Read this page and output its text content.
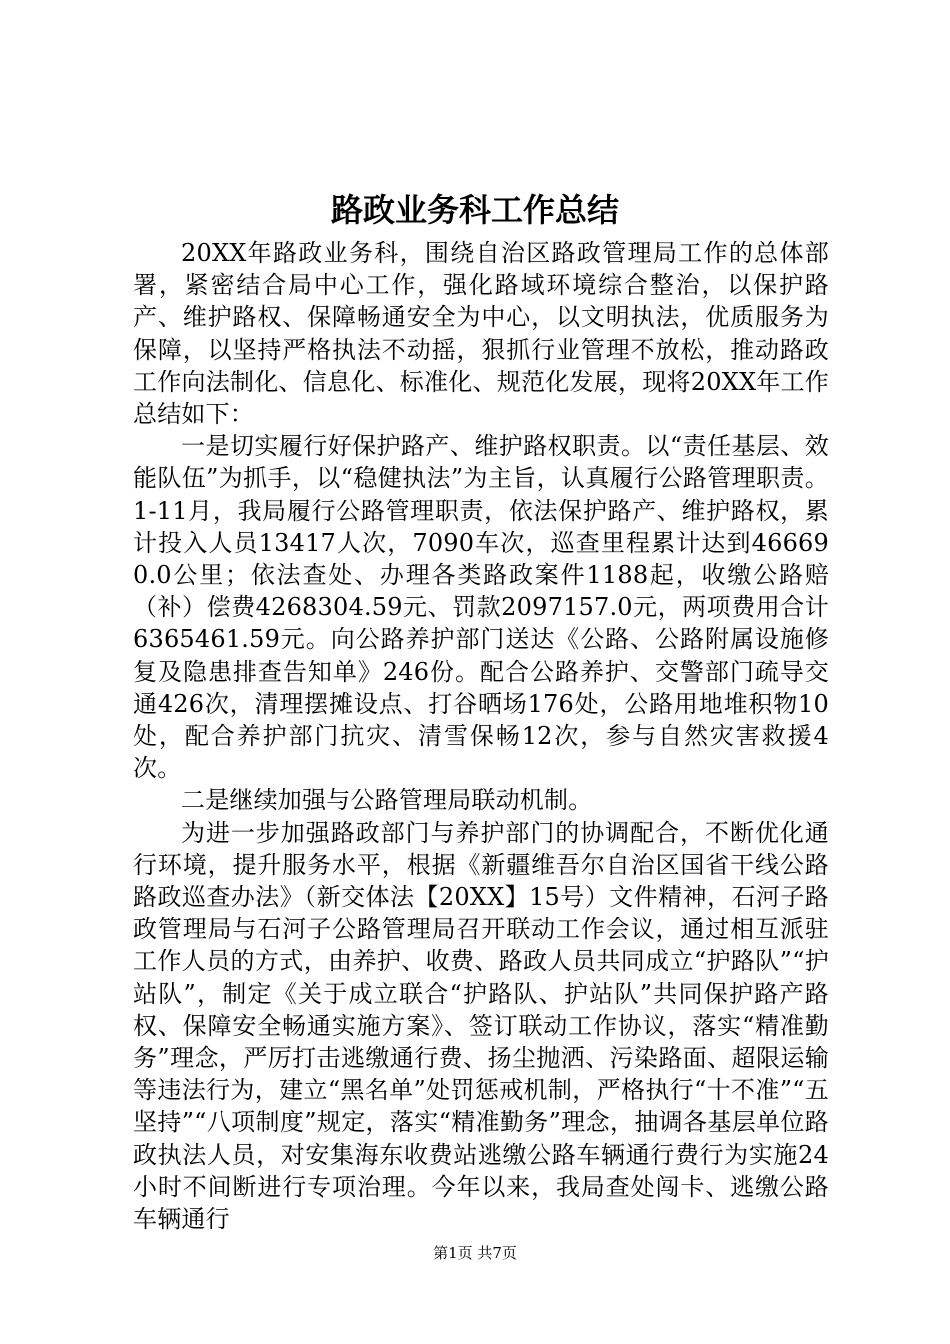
路政业务科工作总结

20XX年路政业务科，围绕自治区路政管理局工作的总体部署，紧密结合局中心工作，强化路域环境综合整治，以保护路产、维护路权、保障畅通安全为中心，以文明执法，优质服务为保障，以坚持严格执法不动摇，狠抓行业管理不放松，推动路政工作向法制化、信息化、标准化、规范化发展，现将20XX年工作总结如下：

一是切实履行好保护路产、维护路权职责。以“责任基层、效能队伍”为抓手，以“稳健执法”为主旨，认真履行公路管理职责。1-11月，我局履行公路管理职责，依法保护路产、维护路权，累计投入人员13417人次，7090车次，巡查里程累计达到466690.0公里；依法查处、办理各类路政案件1188起，收缴公路赔（补）偿费4268304.59元、罚款2097157.0元，两项费用合计6365461.59元。向公路养护部门送达《公路、公路附属设施修复及隐患排查告知单》246份。配合公路养护、交警部门疏导交通426次，清理摆摊设点、打谷晒场176处，公路用地堆积物10处，配合养护部门抗灾、清雪保畅12次，参与自然灾害救援4次。

二是继续加强与公路管理局联动机制。

为进一步加强路政部门与养护部门的协调配合，不断优化通行环境，提升服务水平，根据《新疆维吾尔自治区国省干线公路路政巡查办法》（新交体法【20XX】15号）文件精神，石河子路政管理局与石河子公路管理局召开联动工作会议，通过相互派驻工作人员的方式，由养护、收费、路政人员共同成立“护路队”“护站队”，制定《关于成立联合“护路队、护站队”共同保护路产路权、保障安全畅通实施方案》、签订联动工作协议，落实“精准勤务”理念，严厉打击逃缴通行费、扬尘抛洒、污染路面、超限运输等违法行为，建立“黑名单”处罚惩戒机制，严格执行“十不准”“五坚持”“八项制度”规定，落实“精准勤务”理念，抽调各基层单位路政执法人员，对安集海东收费站逃缴公路车辆通行费行为实施24小时不间断进行专项治理。今年以来，我局查处闯卡、逃缴公路车辆通行

第1页 共7页
